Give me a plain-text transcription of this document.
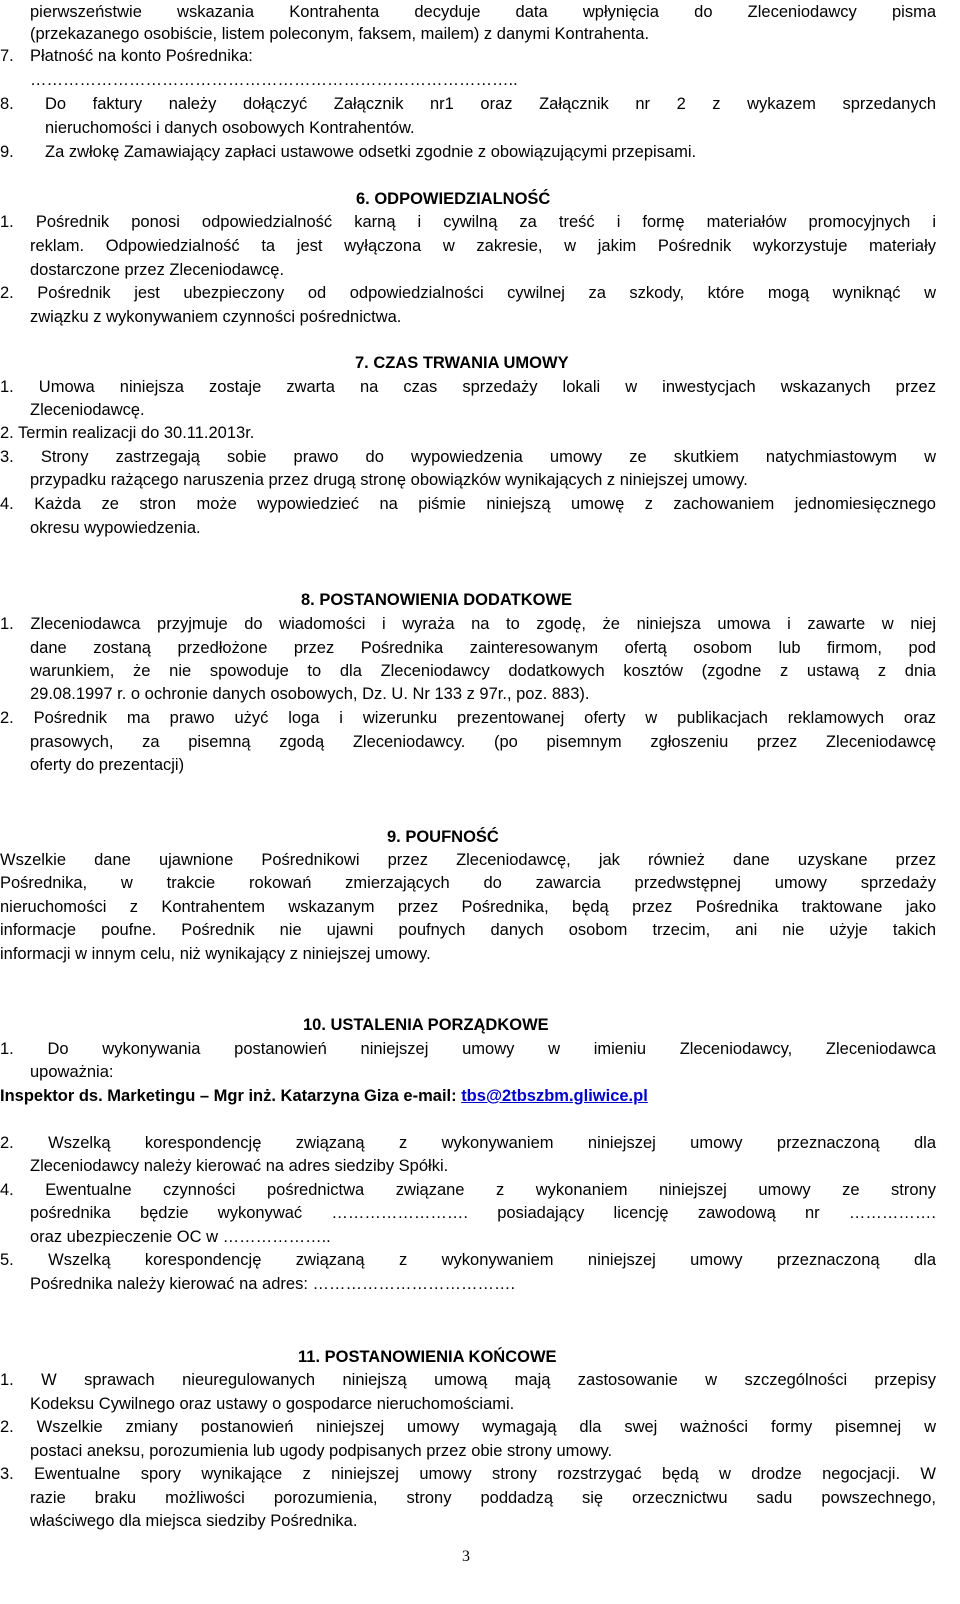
pierwszeństwie wskazania Kontrahenta decyduje data wpłynięcia do Zleceniodawcy pisma
(przekazanego osobiście, listem poleconym, faksem, mailem) z danymi Kontrahenta.
7. Płatność na konto Pośrednika:
……………………………………………………………………………..
8. Do faktury należy dołączyć Załącznik nr1 oraz Załącznik nr 2 z wykazem sprzedanych
nieruchomości i danych osobowych Kontrahentów.
9. Za zwłokę Zamawiający zapłaci ustawowe odsetki zgodnie z obowiązującymi przepisami.
6. ODPOWIEDZIALNOŚĆ
1. Pośrednik ponosi odpowiedzialność karną i cywilną za treść i formę materiałów promocyjnych i
reklam. Odpowiedzialność ta jest wyłączona w zakresie, w jakim Pośrednik wykorzystuje materiały
dostarczone przez Zleceniodawcę.
2. Pośrednik jest ubezpieczony od odpowiedzialności cywilnej za szkody, które mogą wyniknąć w
związku z wykonywaniem czynności pośrednictwa.
7. CZAS TRWANIA UMOWY
1. Umowa niniejsza zostaje zwarta na czas sprzedaży lokali w inwestycjach wskazanych przez
Zleceniodawcę.
2. Termin realizacji do 30.11.2013r.
3. Strony zastrzegają sobie prawo do wypowiedzenia umowy ze skutkiem natychmiastowym w
przypadku rażącego naruszenia przez drugą stronę obowiązków wynikających z niniejszej umowy.
4. Każda ze stron może wypowiedzieć na piśmie niniejszą umowę z zachowaniem jednomiesięcznego
okresu wypowiedzenia.
8. POSTANOWIENIA DODATKOWE
1. Zleceniodawca przyjmuje do wiadomości i wyraża na to zgodę, że niniejsza umowa i zawarte w niej
dane zostaną przedłożone przez Pośrednika zainteresowanym ofertą osobom lub firmom, pod
warunkiem, że nie spowoduje to dla Zleceniodawcy dodatkowych kosztów (zgodne z ustawą z dnia
29.08.1997 r. o ochronie danych osobowych, Dz. U. Nr 133 z 97r., poz. 883).
2. Pośrednik ma prawo użyć loga i wizerunku prezentowanej oferty w publikacjach reklamowych oraz
prasowych, za pisemną zgodą Zleceniodawcy. (po pisemnym zgłoszeniu przez Zleceniodawcę
oferty do prezentacji)
9. POUFNOŚĆ
Wszelkie dane ujawnione Pośrednikowi przez Zleceniodawcę, jak również dane uzyskane przez
Pośrednika, w trakcie rokowań zmierzających do zawarcia przedwstępnej umowy sprzedaży
nieruchomości z Kontrahentem wskazanym przez Pośrednika, będą przez Pośrednika traktowane jako
informacje poufne. Pośrednik nie ujawni poufnych danych osobom trzecim, ani nie użyje takich
informacji w innym celu, niż wynikający z niniejszej umowy.
10. USTALENIA PORZĄDKOWE
1. Do wykonywania postanowień niniejszej umowy w imieniu Zleceniodawcy, Zleceniodawca
upoważnia:
Inspektor ds. Marketingu – Mgr inż. Katarzyna Giza e-mail: tbs@2tbszbm.gliwice.pl
2. Wszelką korespondencję związaną z wykonywaniem niniejszej umowy przeznaczoną dla
Zleceniodawcy należy kierować na adres siedziby Spółki.
4. Ewentualne czynności pośrednictwa związane z wykonaniem niniejszej umowy ze strony
pośrednika będzie wykonywać ……………………. posiadający licencję zawodową nr …………….
oraz ubezpieczenie OC w ………………..
5. Wszelką korespondencję związaną z wykonywaniem niniejszej umowy przeznaczoną dla
Pośrednika należy kierować na adres: ……………………………….
11. POSTANOWIENIA KOŃCOWE
1. W sprawach nieuregulowanych niniejszą umową mają zastosowanie w szczególności przepisy
Kodeksu Cywilnego oraz ustawy o gospodarce nieruchomościami.
2. Wszelkie zmiany postanowień niniejszej umowy wymagają dla swej ważności formy pisemnej w
postaci aneksu, porozumienia lub ugody podpisanych przez obie strony umowy.
3. Ewentualne spory wynikające z niniejszej umowy strony rozstrzygać będą w drodze negocjacji. W
razie braku możliwości porozumienia, strony poddadzą się orzecznictwu sadu powszechnego,
właściwego dla miejsca siedziby Pośrednika.
3
